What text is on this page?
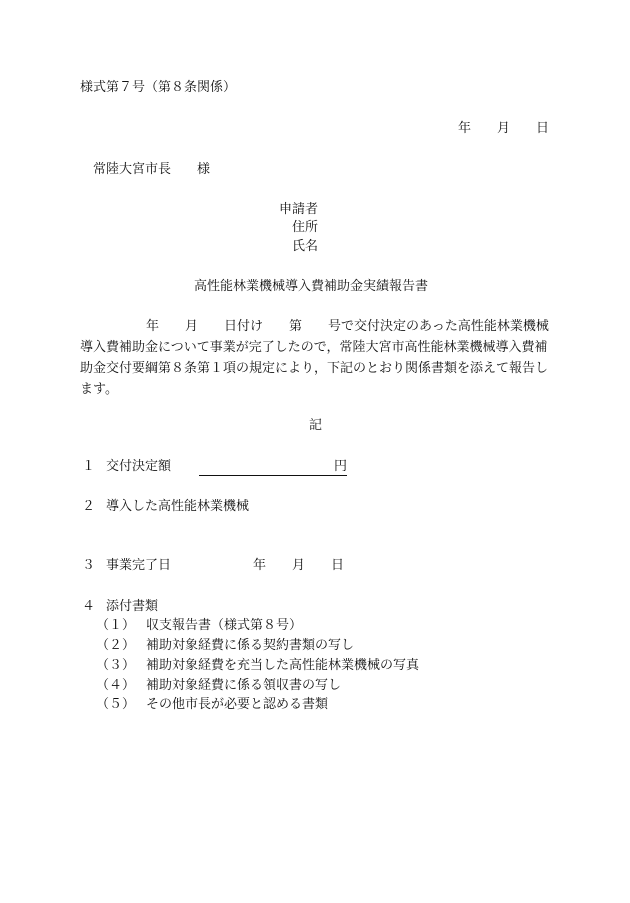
様式第７号（第８条関係）
年　　月　　日
常陸大宮市長　　様
申請者
住所
氏名
高性能林業機械導入費補助金実績報告書
年　　月　　日付け　　第　　号で交付決定のあった高性能林業機械導入費補助金について事業が完了したので，常陸大宮市高性能林業機械導入費補助金交付要綱第８条第１項の規定により，下記のとおり関係書類を添えて報告します。
記
１ 交付決定額	円
２ 導入した高性能林業機械
３ 事業完了日	年　　月　　日
４ 添付書類
（１） 収支報告書（様式第８号）
（２） 補助対象経費に係る契約書類の写し
（３） 補助対象経費を充当した高性能林業機械の写真
（４） 補助対象経費に係る領収書の写し
（５） その他市長が必要と認める書類
